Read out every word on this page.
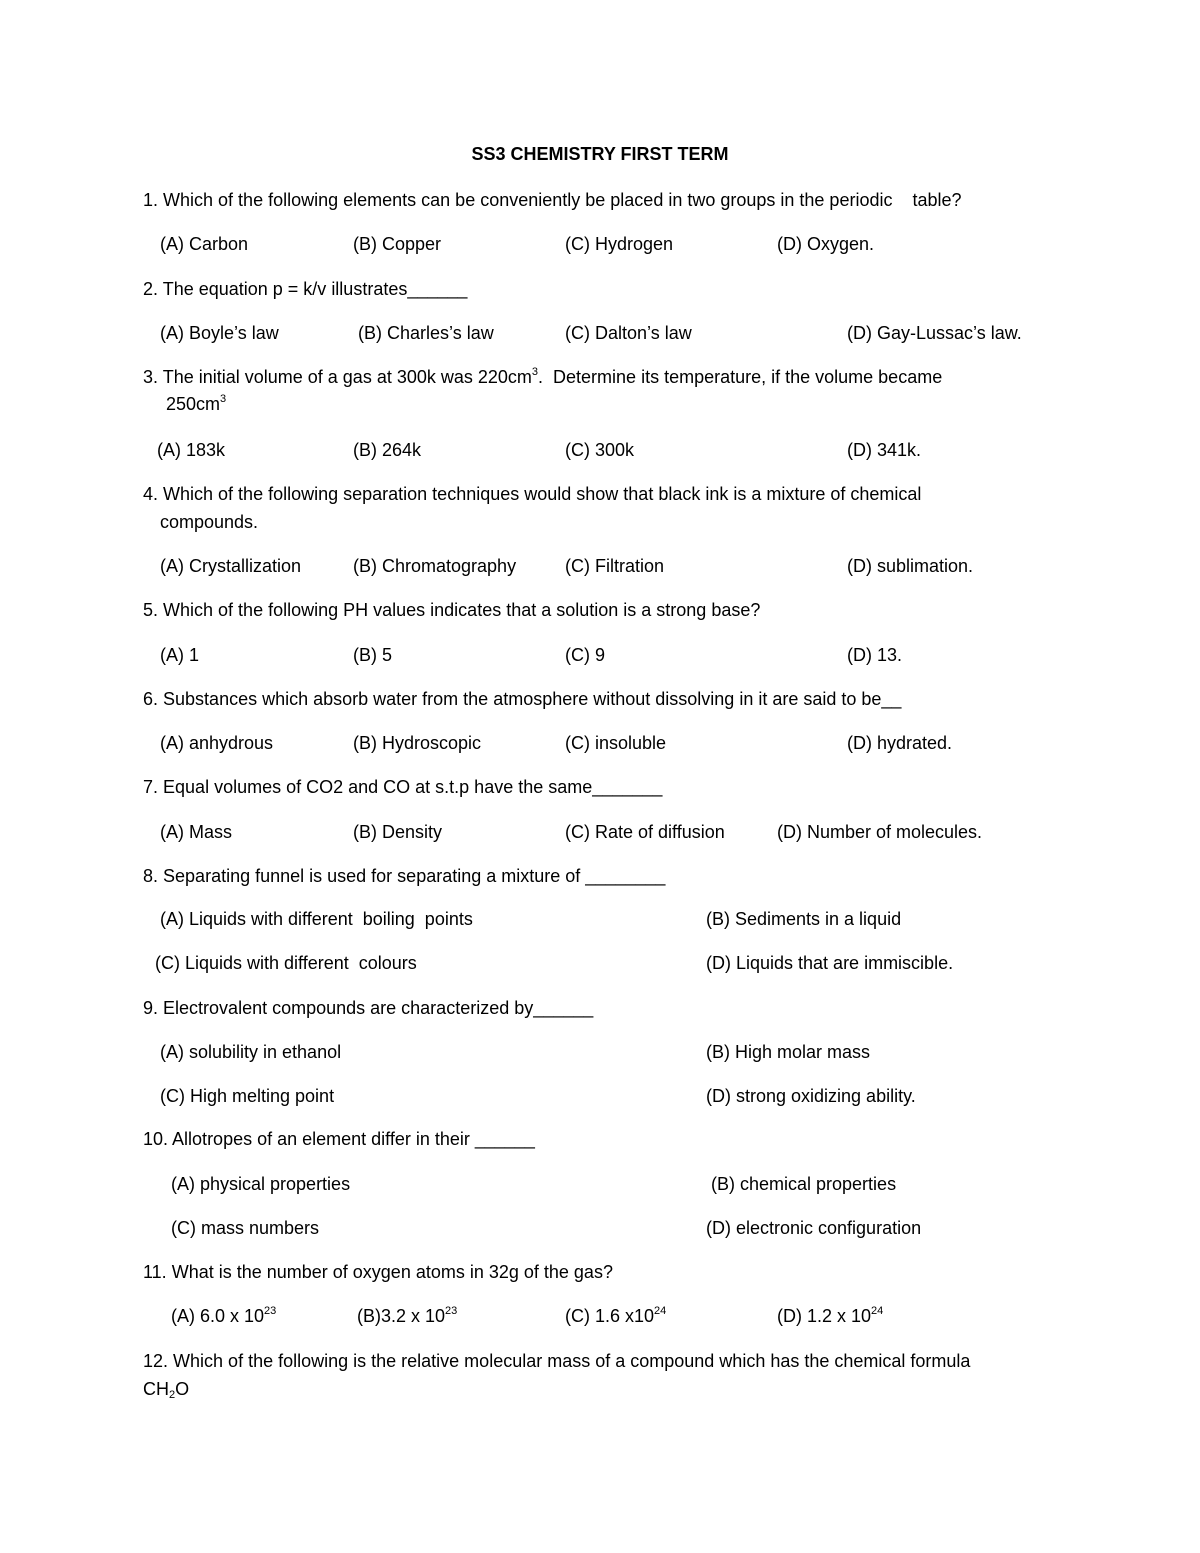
SS3 CHEMISTRY FIRST TERM
1. Which of the following elements can be conveniently be placed in two groups in the periodic    table?
(A) Carbon	(B) Copper	(C) Hydrogen	(D) Oxygen.
2. The equation p = k/v illustrates______
(A) Boyle’s law	(B) Charles’s law	(C) Dalton’s law	(D) Gay-Lussac’s law.
3. The initial volume of a gas at 300k was $220cm^3$.  Determine its temperature, if the volume became
$250cm^3$
(A) 183k	(B) 264k	(C) 300k	(D) 341k.
4. Which of the following separation techniques would show that black ink is a mixture of chemical
compounds.
(A) Crystallization	(B) Chromatography	(C) Filtration	(D) sublimation.
5. Which of the following PH values indicates that a solution is a strong base?
(A) 1	(B) 5	(C) 9	(D) 13.
6. Substances which absorb water from the atmosphere without dissolving in it are said to be__
(A) anhydrous	(B) Hydroscopic	(C) insoluble	(D) hydrated.
7. Equal volumes of CO2 and CO at s.t.p have the same_______
(A) Mass	(B) Density	(C) Rate of diffusion	(D) Number of molecules.
8. Separating funnel is used for separating a mixture of ________
(A) Liquids with different  boiling  points	(B) Sediments in a liquid
(C) Liquids with different  colours	(D) Liquids that are immiscible.
9. Electrovalent compounds are characterized by______
(A) solubility in ethanol	(B) High molar mass
(C) High melting point	(D) strong oxidizing ability.
10. Allotropes of an element differ in their ______
(A) physical properties	(B) chemical properties
(C) mass numbers	(D) electronic configuration
11. What is the number of oxygen atoms in 32g of the gas?
(A) 6.0 x $10^{23}$	(B)3.2 x $10^{23}$	(C) 1.6 $x10^{24}$	(D) 1.2 x $10^{24}$
12. Which of the following is the relative molecular mass of a compound which has the chemical formula
$CH_2O$
